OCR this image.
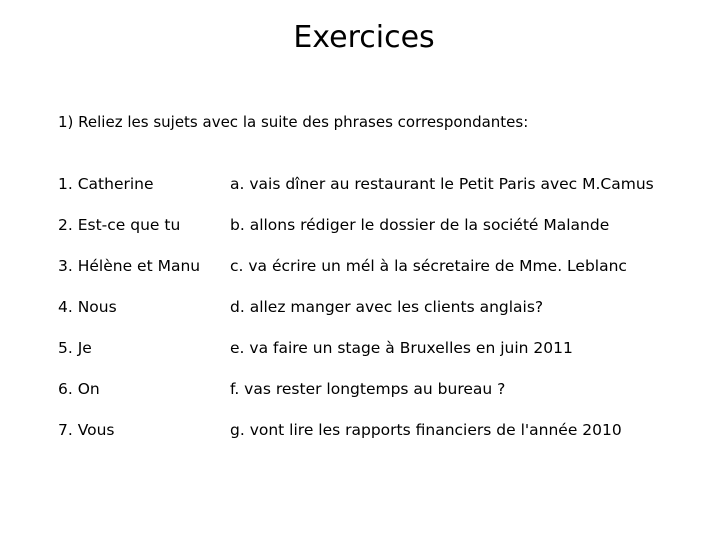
Exercices
1) Reliez les sujets avec la suite des phrases correspondantes:
1. Catherine	a. vais dîner au restaurant le Petit Paris avec M.Camus
2. Est-ce que tu	b. allons rédiger le dossier de la société Malande
3. Hélène et Manu c. va écrire un mél à la sécretaire de Mme. Leblanc
4. Nous	d. allez manger avec les clients anglais?
5. Je	e. va faire un stage à Bruxelles en juin 2011
6. On	f. vas rester longtemps au bureau ?
7. Vous	g. vont lire les rapports financiers de l'année 2010
